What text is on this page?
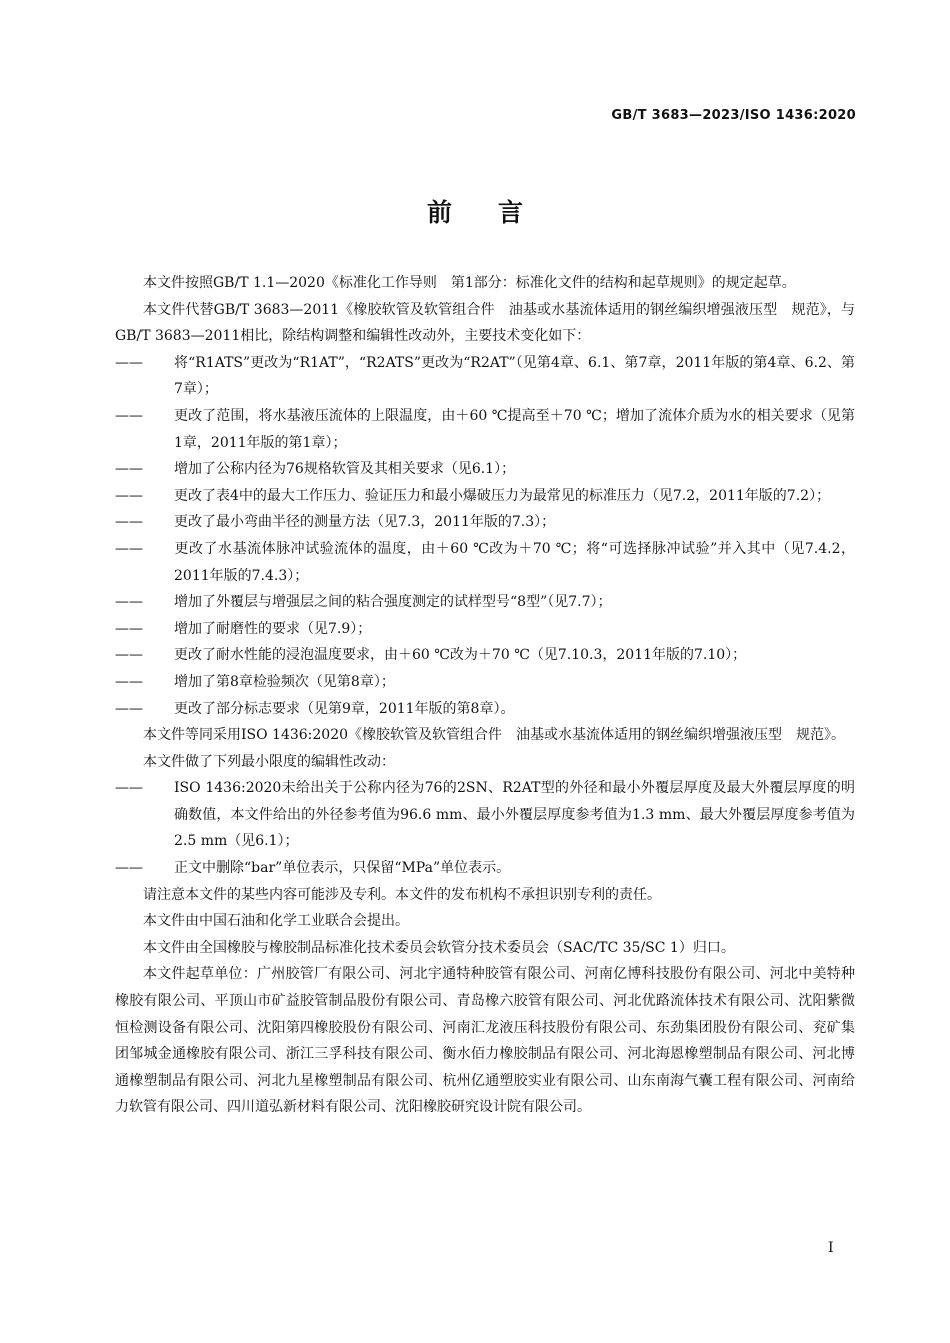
GB/T 3683—2023/ISO 1436:2020
前言

本文件按照GB/T 1.1—2020《标准化工作导则　第1部分：标准化文件的结构和起草规则》的规定起草。

本文件代替GB/T 3683—2011《橡胶软管及软管组合件　油基或水基流体适用的钢丝编织增强液压型　规范》，与GB/T 3683—2011相比，除结构调整和编辑性改动外，主要技术变化如下：

—— 将“R1ATS”更改为“R1AT”，“R2ATS”更改为“R2AT”（见第4章、6.1、第7章，2011年版的第4章、6.2、第7章）；

—— 更改了范围，将水基液压流体的上限温度，由＋60 ℃提高至＋70 ℃；增加了流体介质为水的相关要求（见第1章，2011年版的第1章）；

—— 增加了公称内径为76规格软管及其相关要求（见6.1）；

—— 更改了表4中的最大工作压力、验证压力和最小爆破压力为最常见的标准压力（见7.2，2011年版的7.2）；

—— 更改了最小弯曲半径的测量方法（见7.3，2011年版的7.3）；

—— 更改了水基流体脉冲试验流体的温度，由＋60 ℃改为＋70 ℃；将“可选择脉冲试验”并入其中（见7.4.2，2011年版的7.4.3）；

—— 增加了外覆层与增强层之间的粘合强度测定的试样型号“8型”（见7.7）；

—— 增加了耐磨性的要求（见7.9）；

—— 更改了耐水性能的浸泡温度要求，由＋60 ℃改为＋70 ℃（见7.10.3，2011年版的7.10）；

—— 增加了第8章检验频次（见第8章）；

—— 更改了部分标志要求（见第9章，2011年版的第8章）。

本文件等同采用ISO 1436:2020《橡胶软管及软管组合件　油基或水基流体适用的钢丝编织增强液压型　规范》。

本文件做了下列最小限度的编辑性改动：

—— ISO 1436:2020未给出关于公称内径为76的2SN、R2AT型的外径和最小外覆层厚度及最大外覆层厚度的明确数值，本文件给出的外径参考值为96.6 mm、最小外覆层厚度参考值为1.3 mm、最大外覆层厚度参考值为2.5 mm（见6.1）；

—— 正文中删除“bar”单位表示，只保留“MPa”单位表示。

请注意本文件的某些内容可能涉及专利。本文件的发布机构不承担识别专利的责任。

本文件由中国石油和化学工业联合会提出。

本文件由全国橡胶与橡胶制品标准化技术委员会软管分技术委员会（SAC/TC 35/SC 1）归口。

本文件起草单位：广州胶管厂有限公司、河北宇通特种胶管有限公司、河南亿博科技股份有限公司、河北中美特种橡胶有限公司、平顶山市矿益胶管制品股份有限公司、青岛橡六胶管有限公司、河北优路流体技术有限公司、沈阳紫微恒检测设备有限公司、沈阳第四橡胶股份有限公司、河南汇龙液压科技股份有限公司、东劲集团股份有限公司、兖矿集团邹城金通橡胶有限公司、浙江三孚科技有限公司、衡水佰力橡胶制品有限公司、河北海恩橡塑制品有限公司、河北博通橡塑制品有限公司、河北九星橡塑制品有限公司、杭州亿通塑胶实业有限公司、山东南海气囊工程有限公司、河南给力软管有限公司、四川道弘新材料有限公司、沈阳橡胶研究设计院有限公司。

I
